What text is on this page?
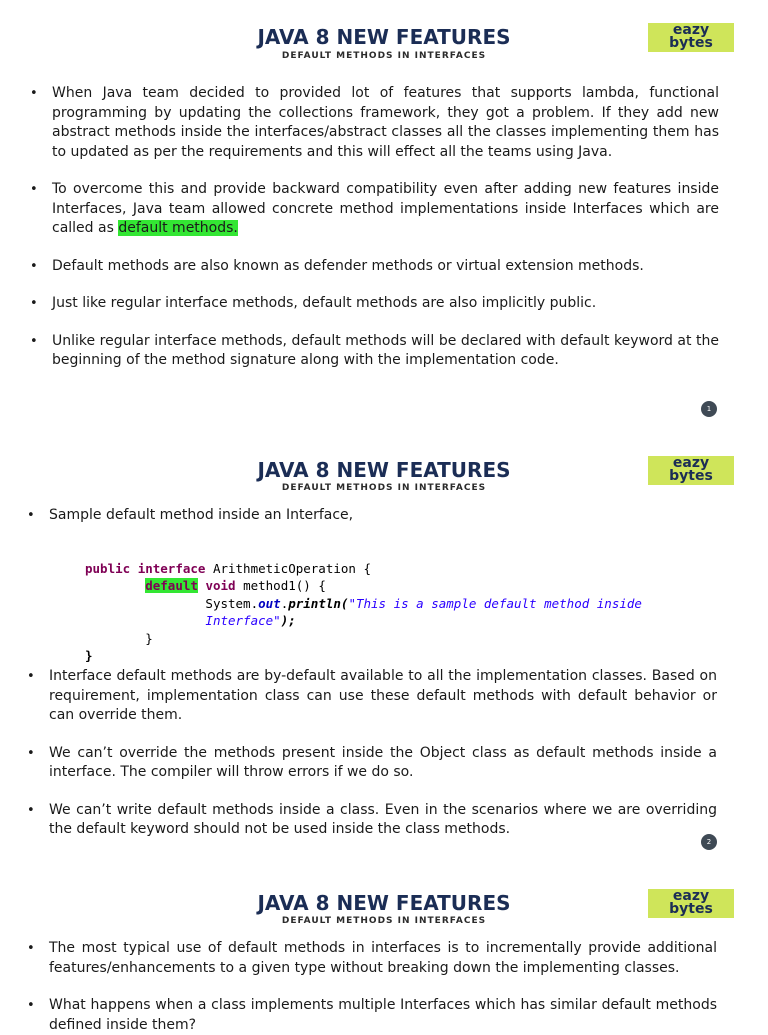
JAVA 8 NEW FEATURES
DEFAULT METHODS IN INTERFACES
eazy
bytes
• When Java team decided to provided lot of features that supports lambda, functional programming by updating the collections framework, they got a problem. If they add new abstract methods inside the interfaces/abstract classes all the classes implementing them has to updated as per the requirements and this will effect all the teams using Java.
• To overcome this and provide backward compatibility even after adding new features inside Interfaces, Java team allowed concrete method implementations inside Interfaces which are called as default methods.
• Default methods are also known as defender methods or virtual extension methods.
• Just like regular interface methods, default methods are also implicitly public.
• Unlike regular interface methods, default methods will be declared with default keyword at the beginning of the method signature along with the implementation code.
1
JAVA 8 NEW FEATURES
DEFAULT METHODS IN INTERFACES
eazy
bytes
• Sample default method inside an Interface,

public interface ArithmeticOperation {
default void method1() {
System.out.println("This is a sample default method inside
Interface");
}
}
• Interface default methods are by-default available to all the implementation classes. Based on requirement, implementation class can use these default methods with default behavior or can override them.
• We can’t override the methods present inside the Object class as default methods inside a interface. The compiler will throw errors if we do so.
• We can’t write default methods inside a class. Even in the scenarios where we are overriding the default keyword should not be used inside the class methods.
2
JAVA 8 NEW FEATURES
DEFAULT METHODS IN INTERFACES
eazy
bytes
• The most typical use of default methods in interfaces is to incrementally provide additional features/enhancements to a given type without breaking down the implementing classes.
• What happens when a class implements multiple Interfaces which has similar default methods defined inside them?
